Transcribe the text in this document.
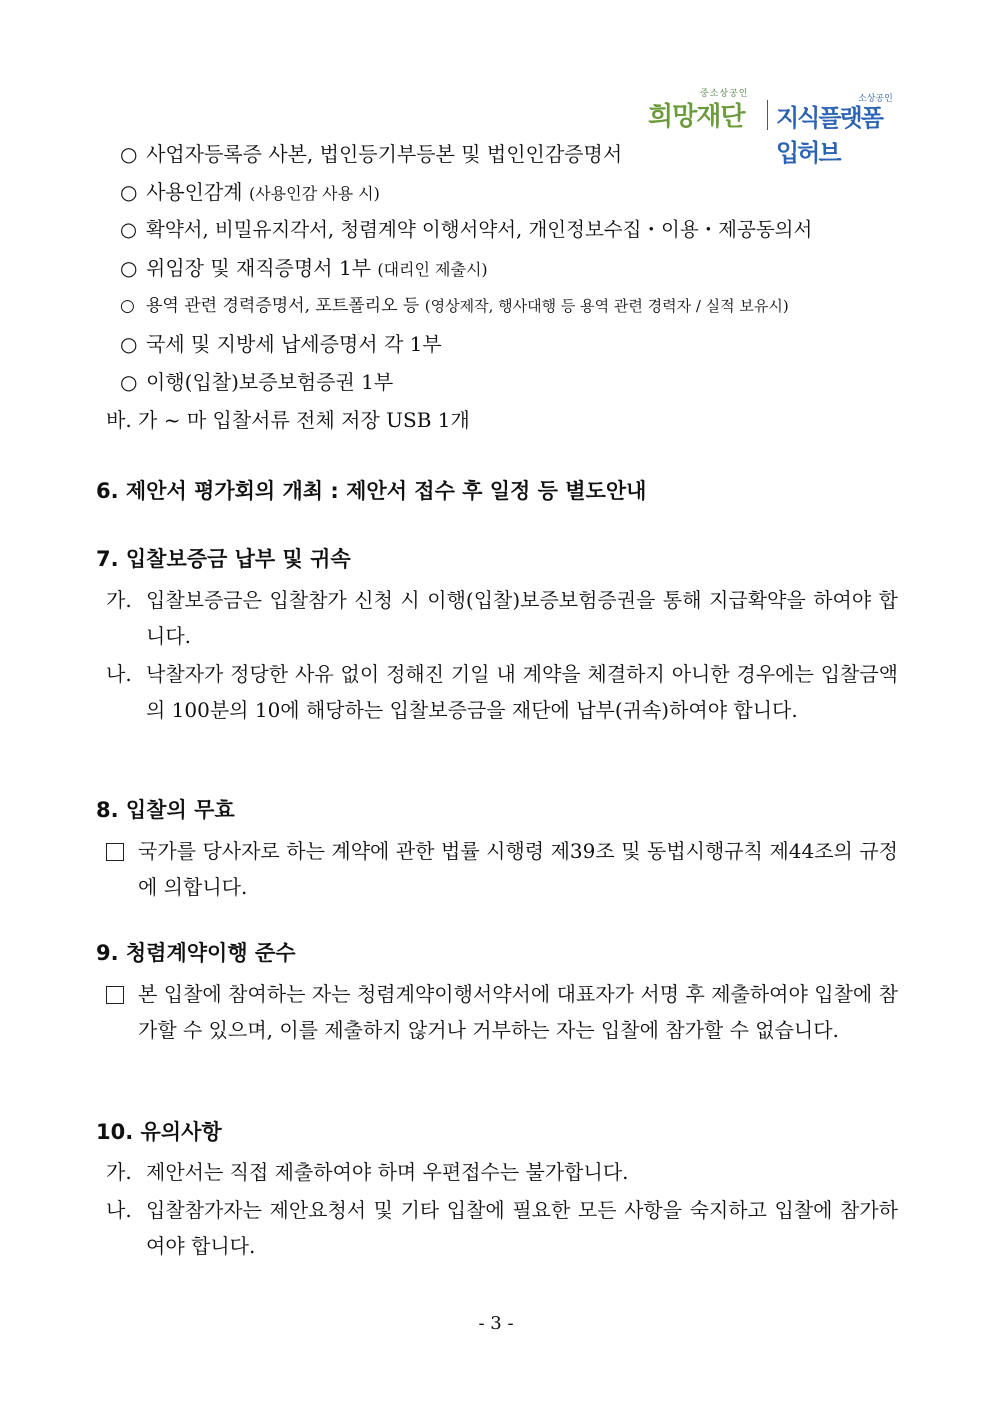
중소상공인
희망재단
소상공인
지식플랫폼 입허브
○ 사업자등록증 사본, 법인등기부등본 및 법인인감증명서
○ 사용인감계 (사용인감 사용 시)
○ 확약서, 비밀유지각서, 청렴계약 이행서약서, 개인정보수집・이용・제공동의서
○ 위임장 및 재직증명서 1부 (대리인 제출시)
○ 용역 관련 경력증명서, 포트폴리오 등 (영상제작, 행사대행 등 용역 관련 경력자 / 실적 보유시)
○ 국세 및 지방세 납세증명서 각 1부
○ 이행(입찰)보증보험증권 1부
바. 가 ~ 마 입찰서류 전체 저장 USB 1개
6. 제안서 평가회의 개최 : 제안서 접수 후 일정 등 별도안내
7. 입찰보증금 납부 및 귀속
가. 입찰보증금은 입찰참가 신청 시 이행(입찰)보증보험증권을 통해 지급확약을 하여야 합니다.
나. 낙찰자가 정당한 사유 없이 정해진 기일 내 계약을 체결하지 아니한 경우에는 입찰금액의 100분의 10에 해당하는 입찰보증금을 재단에 납부(귀속)하여야 합니다.
8. 입찰의 무효
국가를 당사자로 하는 계약에 관한 법률 시행령 제39조 및 동법시행규칙 제44조의 규정에 의합니다.
9. 청렴계약이행 준수
본 입찰에 참여하는 자는 청렴계약이행서약서에 대표자가 서명 후 제출하여야 입찰에 참가할 수 있으며, 이를 제출하지 않거나 거부하는 자는 입찰에 참가할 수 없습니다.
10. 유의사항
가. 제안서는 직접 제출하여야 하며 우편접수는 불가합니다.
나. 입찰참가자는 제안요청서 및 기타 입찰에 필요한 모든 사항을 숙지하고 입찰에 참가하여야 합니다.
- 3 -
